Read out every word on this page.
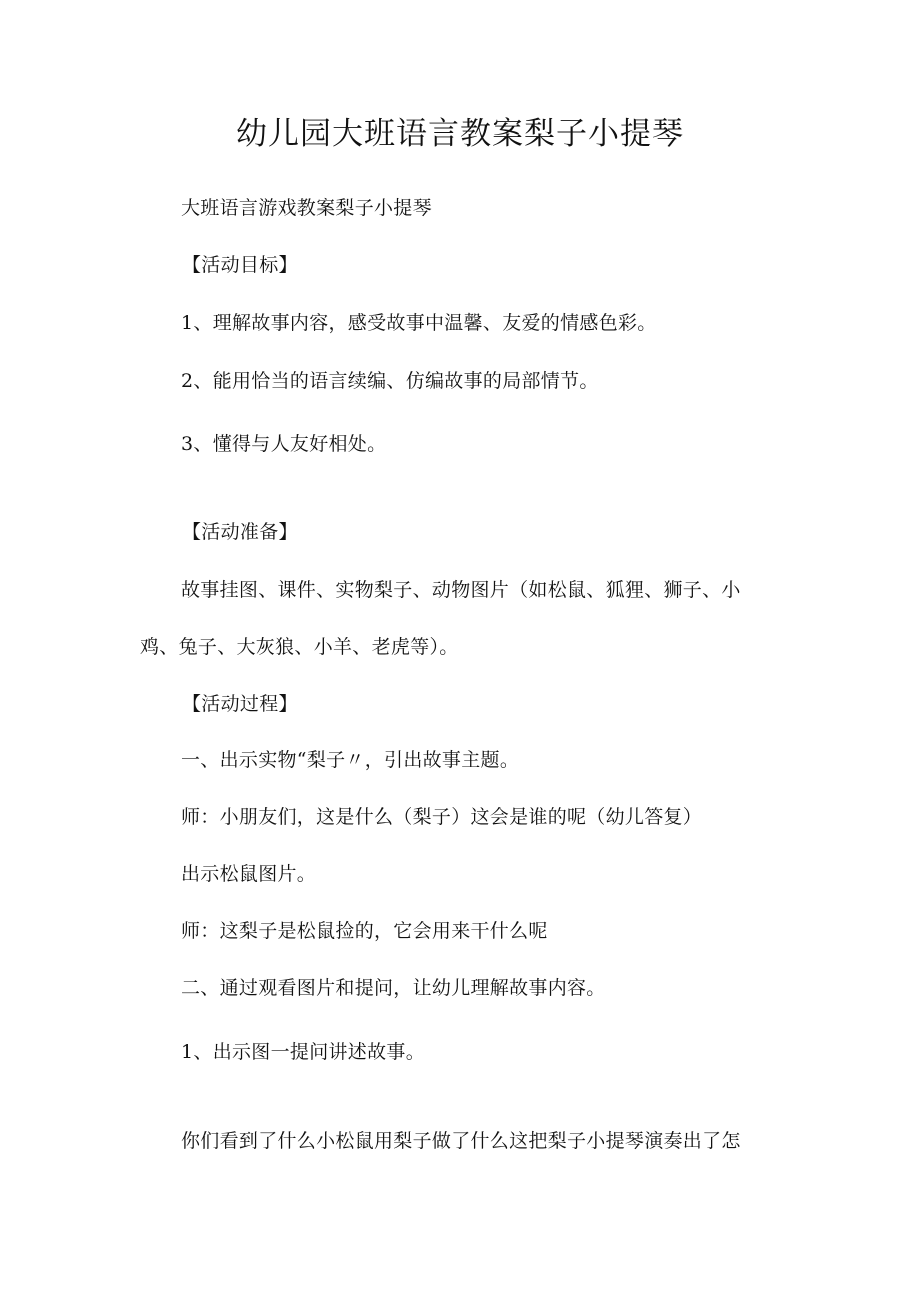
幼儿园大班语言教案梨子小提琴
大班语言游戏教案梨子小提琴
【活动目标】
1、理解故事内容，感受故事中温馨、友爱的情感色彩。
2、能用恰当的语言续编、仿编故事的局部情节。
3、懂得与人友好相处。
【活动准备】
故事挂图、课件、实物梨子、动物图片（如松鼠、狐狸、狮子、小
鸡、兔子、大灰狼、小羊、老虎等）。
【活动过程】
一、出示实物“梨子〃，引出故事主题。
师：小朋友们，这是什么（梨子）这会是谁的呢（幼儿答复）
出示松鼠图片。
师：这梨子是松鼠捡的，它会用来干什么呢
二、通过观看图片和提问，让幼儿理解故事内容。
1、出示图一提问讲述故事。
你们看到了什么小松鼠用梨子做了什么这把梨子小提琴演奏出了怎
